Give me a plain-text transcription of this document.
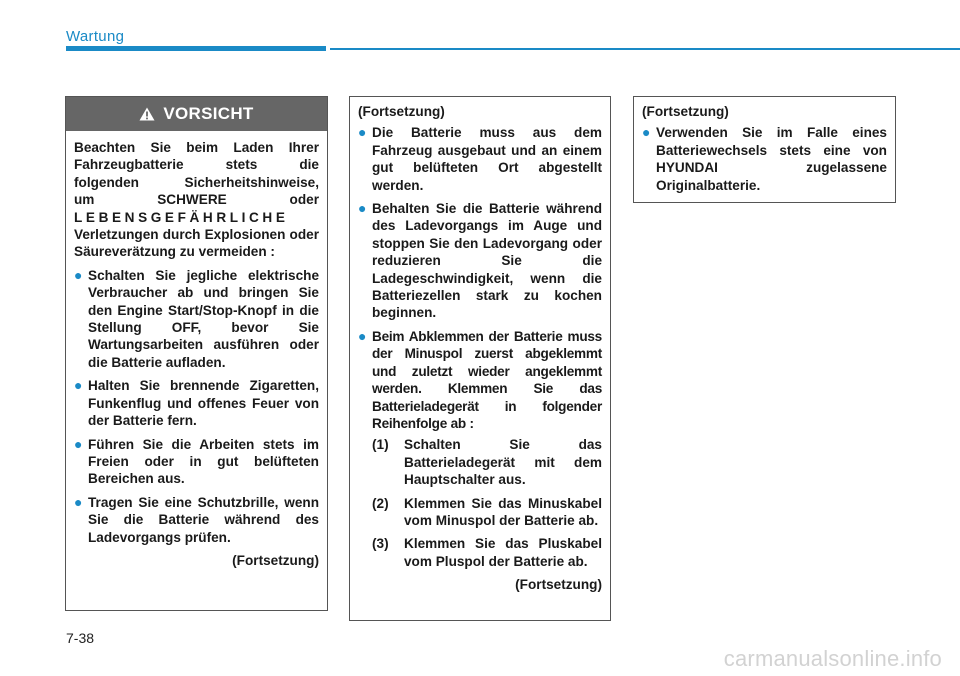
Wartung
VORSICHT
Beachten Sie beim Laden Ihrer
Fahrzeugbatterie stets die
folgenden Sicherheitshinweise,
um SCHWERE oder
LEBENSGEFÄHRLICHE
Verletzungen durch Explosionen oder Säureverätzung zu vermeiden :
● Schalten Sie jegliche elektrische Verbraucher ab und bringen Sie den Engine Start/Stop-Knopf in die Stellung OFF, bevor Sie Wartungsarbeiten ausführen oder die Batterie aufladen.
● Halten Sie brennende Zigaretten, Funkenflug und offenes Feuer von der Batterie fern.
● Führen Sie die Arbeiten stets im Freien oder in gut belüfteten Bereichen aus.
● Tragen Sie eine Schutzbrille, wenn Sie die Batterie während des Ladevorgangs prüfen.

(Fortsetzung)

(Fortsetzung)

● Die Batterie muss aus dem Fahrzeug ausgebaut und an einem gut belüfteten Ort abgestellt werden.
● Behalten Sie die Batterie während des Ladevorgangs im Auge und stoppen Sie den Ladevorgang oder reduzieren Sie die Ladegeschwindigkeit, wenn die Batteriezellen stark zu kochen beginnen.
● Beim Abklemmen der Batterie muss der Minuspol zuerst abgeklemmt und zuletzt wieder angeklemmt werden. Klemmen Sie das Batterieladegerät in folgender Reihenfolge ab :
(1) Schalten Sie das Batterieladegerät mit dem Hauptschalter aus.
(2) Klemmen Sie das Minuskabel vom Minuspol der Batterie ab.
(3) Klemmen Sie das Pluskabel vom Pluspol der Batterie ab.

(Fortsetzung)

(Fortsetzung)

● Verwenden Sie im Falle eines Batteriewechsels stets eine von HYUNDAI zugelassene Originalbatterie.
7-38
carmanualsonline.info
